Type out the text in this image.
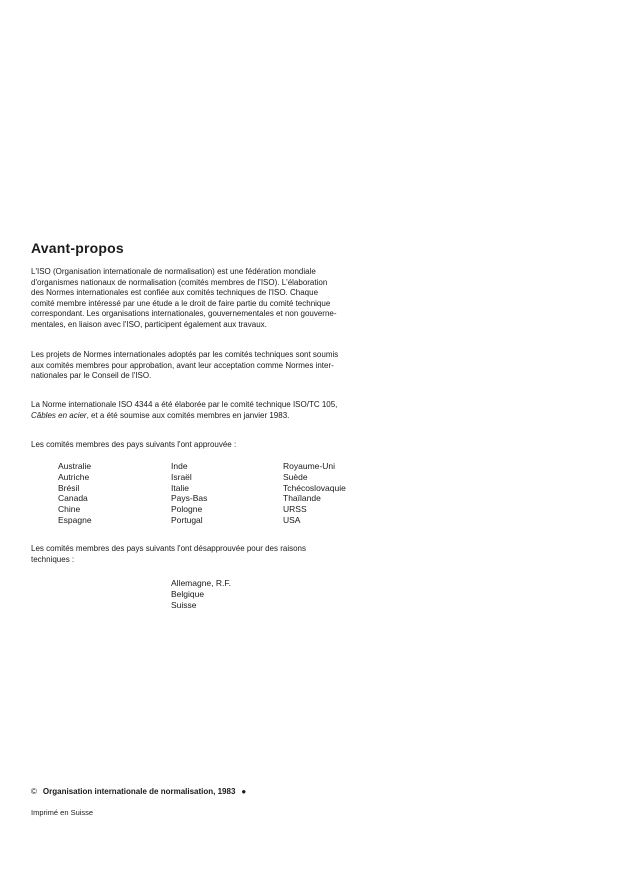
Avant-propos
L'ISO (Organisation internationale de normalisation) est une fédération mondiale
d'organismes nationaux de normalisation (comités membres de l'ISO). L'élaboration
des Normes internationales est confiée aux comités techniques de l'ISO. Chaque
comité membre intéressé par une étude a le droit de faire partie du comité technique
correspondant. Les organisations internationales, gouvernementales et non gouverne-
mentales, en liaison avec l'ISO, participent également aux travaux.
Les projets de Normes internationales adoptés par les comités techniques sont soumis
aux comités membres pour approbation, avant leur acceptation comme Normes inter-
nationales par le Conseil de l'ISO.
La Norme internationale ISO 4344 a été élaborée par le comité technique ISO/TC 105,
Câbles en acier, et a été soumise aux comités membres en janvier 1983.
Les comités membres des pays suivants l'ont approuvée :
Australie
Autriche
Brésil
Canada
Chine
Espagne
Inde
Israël
Italie
Pays-Bas
Pologne
Portugal
Royaume-Uni
Suède
Tchécoslovaquie
Thaïlande
URSS
USA
Les comités membres des pays suivants l'ont désapprouvée pour des raisons
techniques :
Allemagne, R.F.
Belgique
Suisse
© Organisation internationale de normalisation, 1983 ●
Imprimé en Suisse
